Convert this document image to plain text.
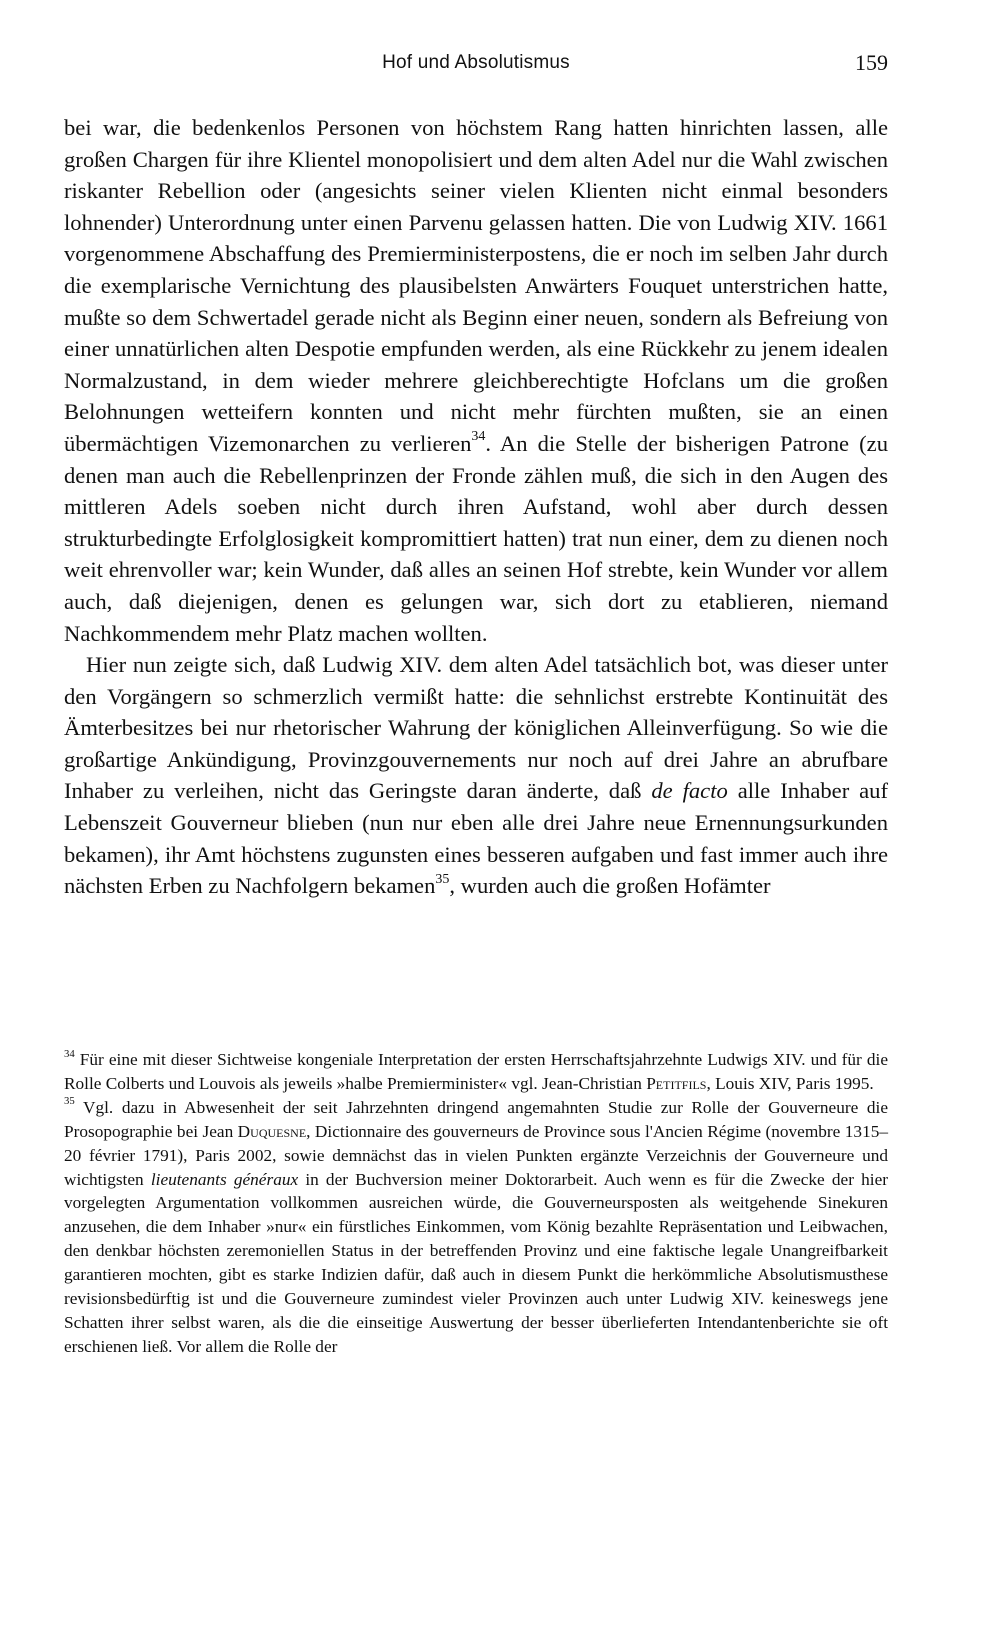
Hof und Absolutismus	159

bei war, die bedenkenlos Personen von höchstem Rang hatten hinrichten lassen, alle großen Chargen für ihre Klientel monopolisiert und dem alten Adel nur die Wahl zwischen riskanter Rebellion oder (angesichts seiner vielen Klienten nicht einmal besonders lohnender) Unterordnung unter einen Parvenu gelassen hatten. Die von Ludwig XIV. 1661 vorgenommene Abschaffung des Premierministerpostens, die er noch im selben Jahr durch die exemplarische Vernichtung des plausibelsten Anwärters Fouquet unterstrichen hatte, mußte so dem Schwertadel gerade nicht als Beginn einer neuen, sondern als Befreiung von einer unnatürlichen alten Despotie empfunden werden, als eine Rückkehr zu jenem idealen Normalzustand, in dem wieder mehrere gleichberechtigte Hofclans um die großen Belohnungen wetteifern konnten und nicht mehr fürchten mußten, sie an einen übermächtigen Vizemonarchen zu verlieren$^{34}$. An die Stelle der bisherigen Patrone (zu denen man auch die Rebellenprinzen der Fronde zählen muß, die sich in den Augen des mittleren Adels soeben nicht durch ihren Aufstand, wohl aber durch dessen strukturbedingte Erfolglosigkeit kompromittiert hatten) trat nun einer, dem zu dienen noch weit ehrenvoller war; kein Wunder, daß alles an seinen Hof strebte, kein Wunder vor allem auch, daß diejenigen, denen es gelungen war, sich dort zu etablieren, niemand Nachkommendem mehr Platz machen wollten.

Hier nun zeigte sich, daß Ludwig XIV. dem alten Adel tatsächlich bot, was dieser unter den Vorgängern so schmerzlich vermißt hatte: die sehnlichst erstrebte Kontinuität des Ämterbesitzes bei nur rhetorischer Wahrung der königlichen Alleinverfügung. So wie die großartige Ankündigung, Provinzgouvernements nur noch auf drei Jahre an abrufbare Inhaber zu verleihen, nicht das Geringste daran änderte, daß de facto alle Inhaber auf Lebenszeit Gouverneur blieben (nun nur eben alle drei Jahre neue Ernennungsurkunden bekamen), ihr Amt höchstens zugunsten eines besseren aufgaben und fast immer auch ihre nächsten Erben zu Nachfolgern bekamen$^{35}$, wurden auch die großen Hofämter

$^{34}$ Für eine mit dieser Sichtweise kongeniale Interpretation der ersten Herrschaftsjahrzehnte Ludwigs XIV. und für die Rolle Colberts und Louvois als jeweils »halbe Premierminister« vgl. Jean-Christian Petitfils, Louis XIV, Paris 1995.

$^{35}$ Vgl. dazu in Abwesenheit der seit Jahrzehnten dringend angemahnten Studie zur Rolle der Gouverneure die Prosopographie bei Jean Duquesne, Dictionnaire des gouverneurs de Province sous l'Ancien Régime (novembre 1315–20 février 1791), Paris 2002, sowie demnächst das in vielen Punkten ergänzte Verzeichnis der Gouverneure und wichtigsten lieutenants généraux in der Buchversion meiner Doktorarbeit. Auch wenn es für die Zwecke der hier vorgelegten Argumentation vollkommen ausreichen würde, die Gouverneursposten als weitgehende Sinekuren anzusehen, die dem Inhaber »nur« ein fürstliches Einkommen, vom König bezahlte Repräsentation und Leibwachen, den denkbar höchsten zeremoniellen Status in der betreffenden Provinz und eine faktische legale Unangreifbarkeit garantieren mochten, gibt es starke Indizien dafür, daß auch in diesem Punkt die herkömmliche Absolutismusthese revisionsbedürftig ist und die Gouverneure zumindest vieler Provinzen auch unter Ludwig XIV. keineswegs jene Schatten ihrer selbst waren, als die die einseitige Auswertung der besser überlieferten Intendantenberichte sie oft erschienen ließ. Vor allem die Rolle der
